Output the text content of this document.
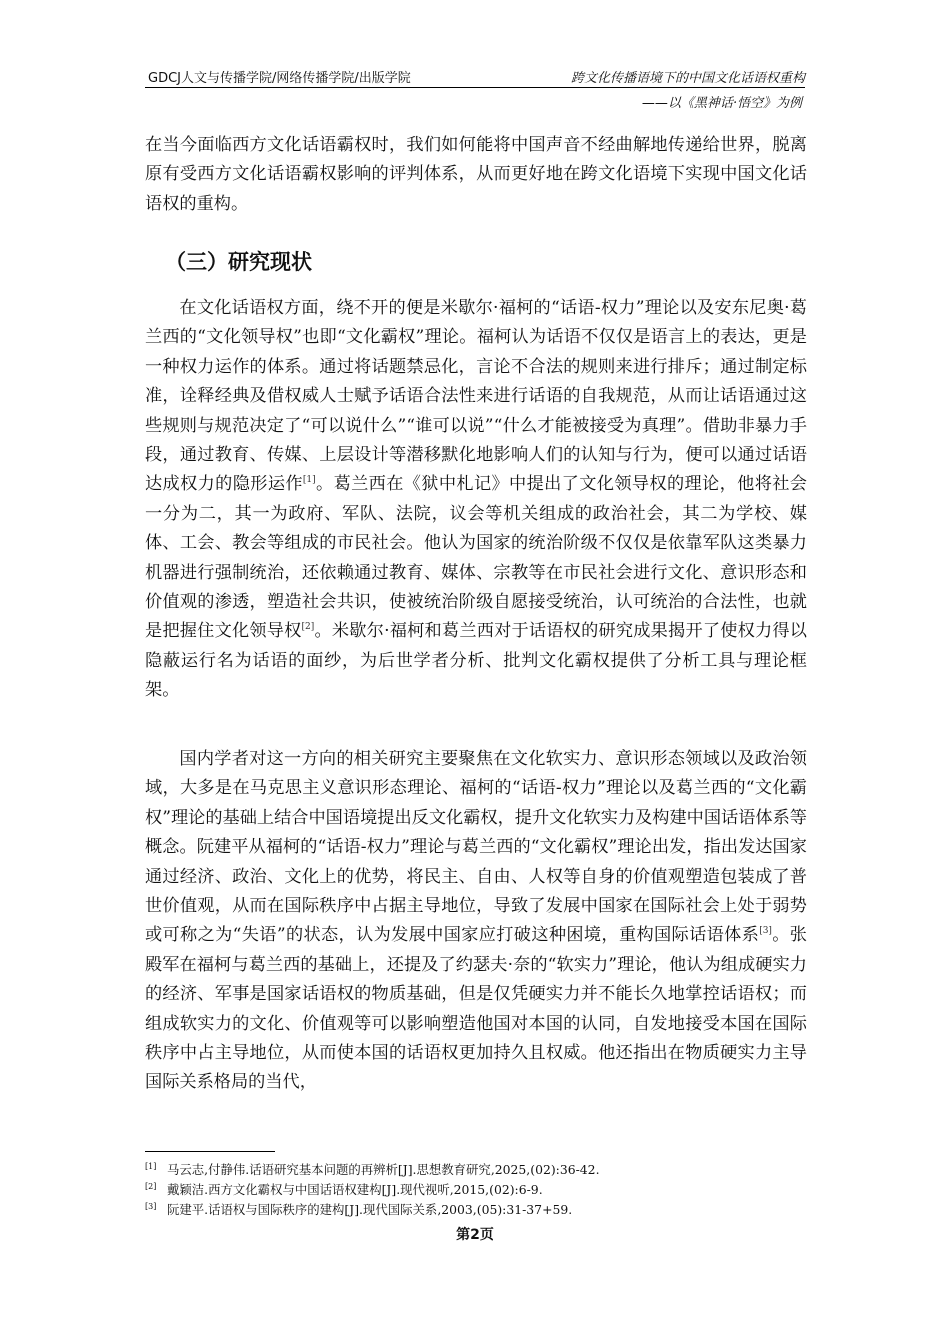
GDCJ人文与传播学院/网络传播学院/出版学院	跨文化传播语境下的中国文化话语权重构
——以《黑神话·悟空》为例

在当今面临西方文化话语霸权时，我们如何能将中国声音不经曲解地传递给世界，脱离原有受西方文化话语霸权影响的评判体系，从而更好地在跨文化语境下实现中国文化话语权的重构。

（三）研究现状

在文化话语权方面，绕不开的便是米歇尔·福柯的“话语-权力”理论以及安东尼奥·葛兰西的“文化领导权”也即“文化霸权”理论。福柯认为话语不仅仅是语言上的表达，更是一种权力运作的体系。通过将话题禁忌化，言论不合法的规则来进行排斥；通过制定标准，诠释经典及借权威人士赋予话语合法性来进行话语的自我规范，从而让话语通过这些规则与规范决定了“可以说什么”“谁可以说”“什么才能被接受为真理”。借助非暴力手段，通过教育、传媒、上层设计等潜移默化地影响人们的认知与行为，便可以通过话语达成权力的隐形运作[1]。葛兰西在《狱中札记》中提出了文化领导权的理论，他将社会一分为二，其一为政府、军队、法院，议会等机关组成的政治社会，其二为学校、媒体、工会、教会等组成的市民社会。他认为国家的统治阶级不仅仅是依靠军队这类暴力机器进行强制统治，还依赖通过教育、媒体、宗教等在市民社会进行文化、意识形态和价值观的渗透，塑造社会共识，使被统治阶级自愿接受统治，认可统治的合法性，也就是把握住文化领导权[2]。米歇尔·福柯和葛兰西对于话语权的研究成果揭开了使权力得以隐蔽运行名为话语的面纱，为后世学者分析、批判文化霸权提供了分析工具与理论框架。

国内学者对这一方向的相关研究主要聚焦在文化软实力、意识形态领域以及政治领域，大多是在马克思主义意识形态理论、福柯的“话语-权力”理论以及葛兰西的“文化霸权”理论的基础上结合中国语境提出反文化霸权，提升文化软实力及构建中国话语体系等概念。阮建平从福柯的“话语-权力”理论与葛兰西的“文化霸权”理论出发，指出发达国家通过经济、政治、文化上的优势，将民主、自由、人权等自身的价值观塑造包装成了普世价值观，从而在国际秩序中占据主导地位，导致了发展中国家在国际社会上处于弱势或可称之为“失语”的状态，认为发展中国家应打破这种困境，重构国际话语体系[3]。张殿军在福柯与葛兰西的基础上，还提及了约瑟夫·奈的“软实力”理论，他认为组成硬实力的经济、军事是国家话语权的物质基础，但是仅凭硬实力并不能长久地掌控话语权；而组成软实力的文化、价值观等可以影响塑造他国对本国的认同，自发地接受本国在国际秩序中占主导地位，从而使本国的话语权更加持久且权威。他还指出在物质硬实力主导国际关系格局的当代，

[1] 马云志,付静伟.话语研究基本问题的再辨析[J].思想教育研究,2025,(02):36-42.
[2] 戴颖洁.西方文化霸权与中国话语权建构[J].现代视听,2015,(02):6-9.
[3] 阮建平.话语权与国际秩序的建构[J].现代国际关系,2003,(05):31-37+59.
第2页
